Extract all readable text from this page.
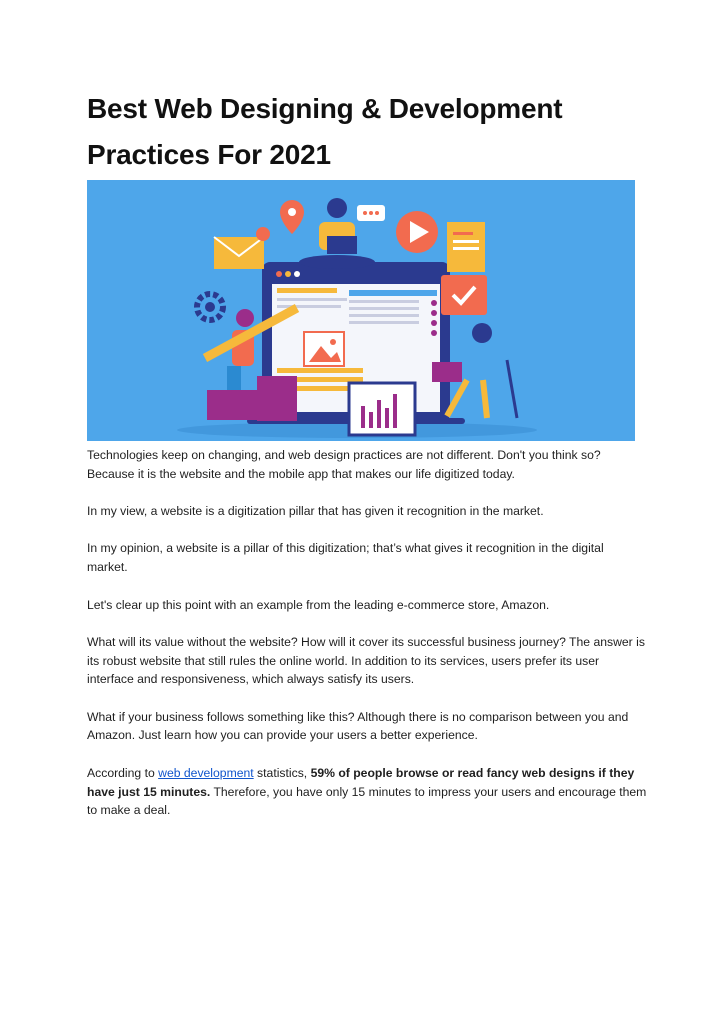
Best Web Designing & Development
Practices For 2021

Technologies keep on changing, and web design practices are not different. Don't you think so? Because it is the website and the mobile app that makes our life digitized today.

In my view, a website is a digitization pillar that has given it recognition in the market.

In my opinion, a website is a pillar of this digitization; that’s what gives it recognition in the digital market.

Let's clear up this point with an example from the leading e-commerce store, Amazon.

What will its value without the website? How will it cover its successful business journey? The answer is its robust website that still rules the online world. In addition to its services, users prefer its user interface and responsiveness, which always satisfy its users.

What if your business follows something like this? Although there is no comparison between you and Amazon. Just learn how you can provide your users a better experience.

According to web development statistics, 59% of people browse or read fancy web designs if they have just 15 minutes. Therefore, you have only 15 minutes to impress your users and encourage them to make a deal.
